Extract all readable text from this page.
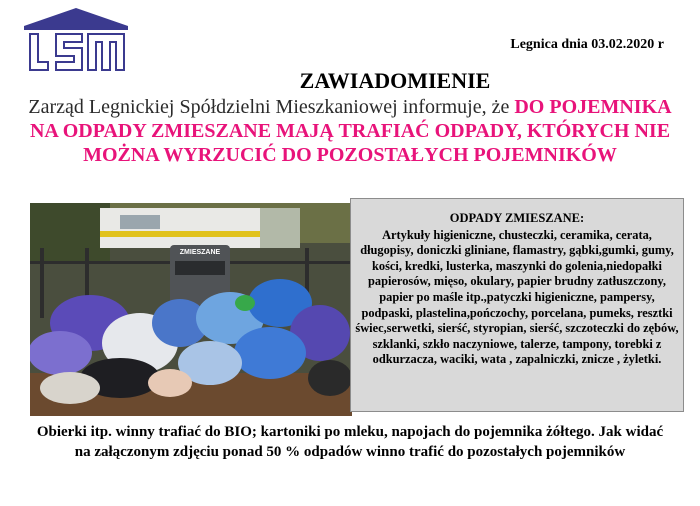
Legnica dnia 03.02.2020 r
ZAWIADOMIENIE
Zarząd Legnickiej Spółdzielni Mieszkaniowej informuje, że DO POJEMNIKA NA ODPADY ZMIESZANE MAJĄ TRAFIAĆ ODPADY, KTÓRYCH NIE MOŻNA WYRZUCIĆ DO POZOSTAŁYCH POJEMNIKÓW
ZMIESZANE
ODPADY ZMIESZANE:
Artykuły higieniczne, chusteczki, ceramika, cerata, długopisy, doniczki gliniane, flamastry, gąbki,gumki, gumy, kości, kredki, lusterka, maszynki do golenia,niedopałki papierosów, mięso, okulary, papier brudny zatłuszczony, papier po maśle itp.,patyczki higieniczne, pampersy, podpaski, plastelina,pończochy, porcelana, pumeks, resztki świec,serwetki, sierść, styropian, sierść, szczoteczki do zębów, szklanki, szkło naczyniowe, talerze, tampony, torebki z odkurzacza, waciki, wata , zapalniczki, znicze , żyletki.
Obierki itp. winny trafiać do BIO; kartoniki po mleku, napojach do pojemnika żółtego. Jak widać na załączonym zdjęciu ponad 50 % odpadów winno trafić do pozostałych pojemników
